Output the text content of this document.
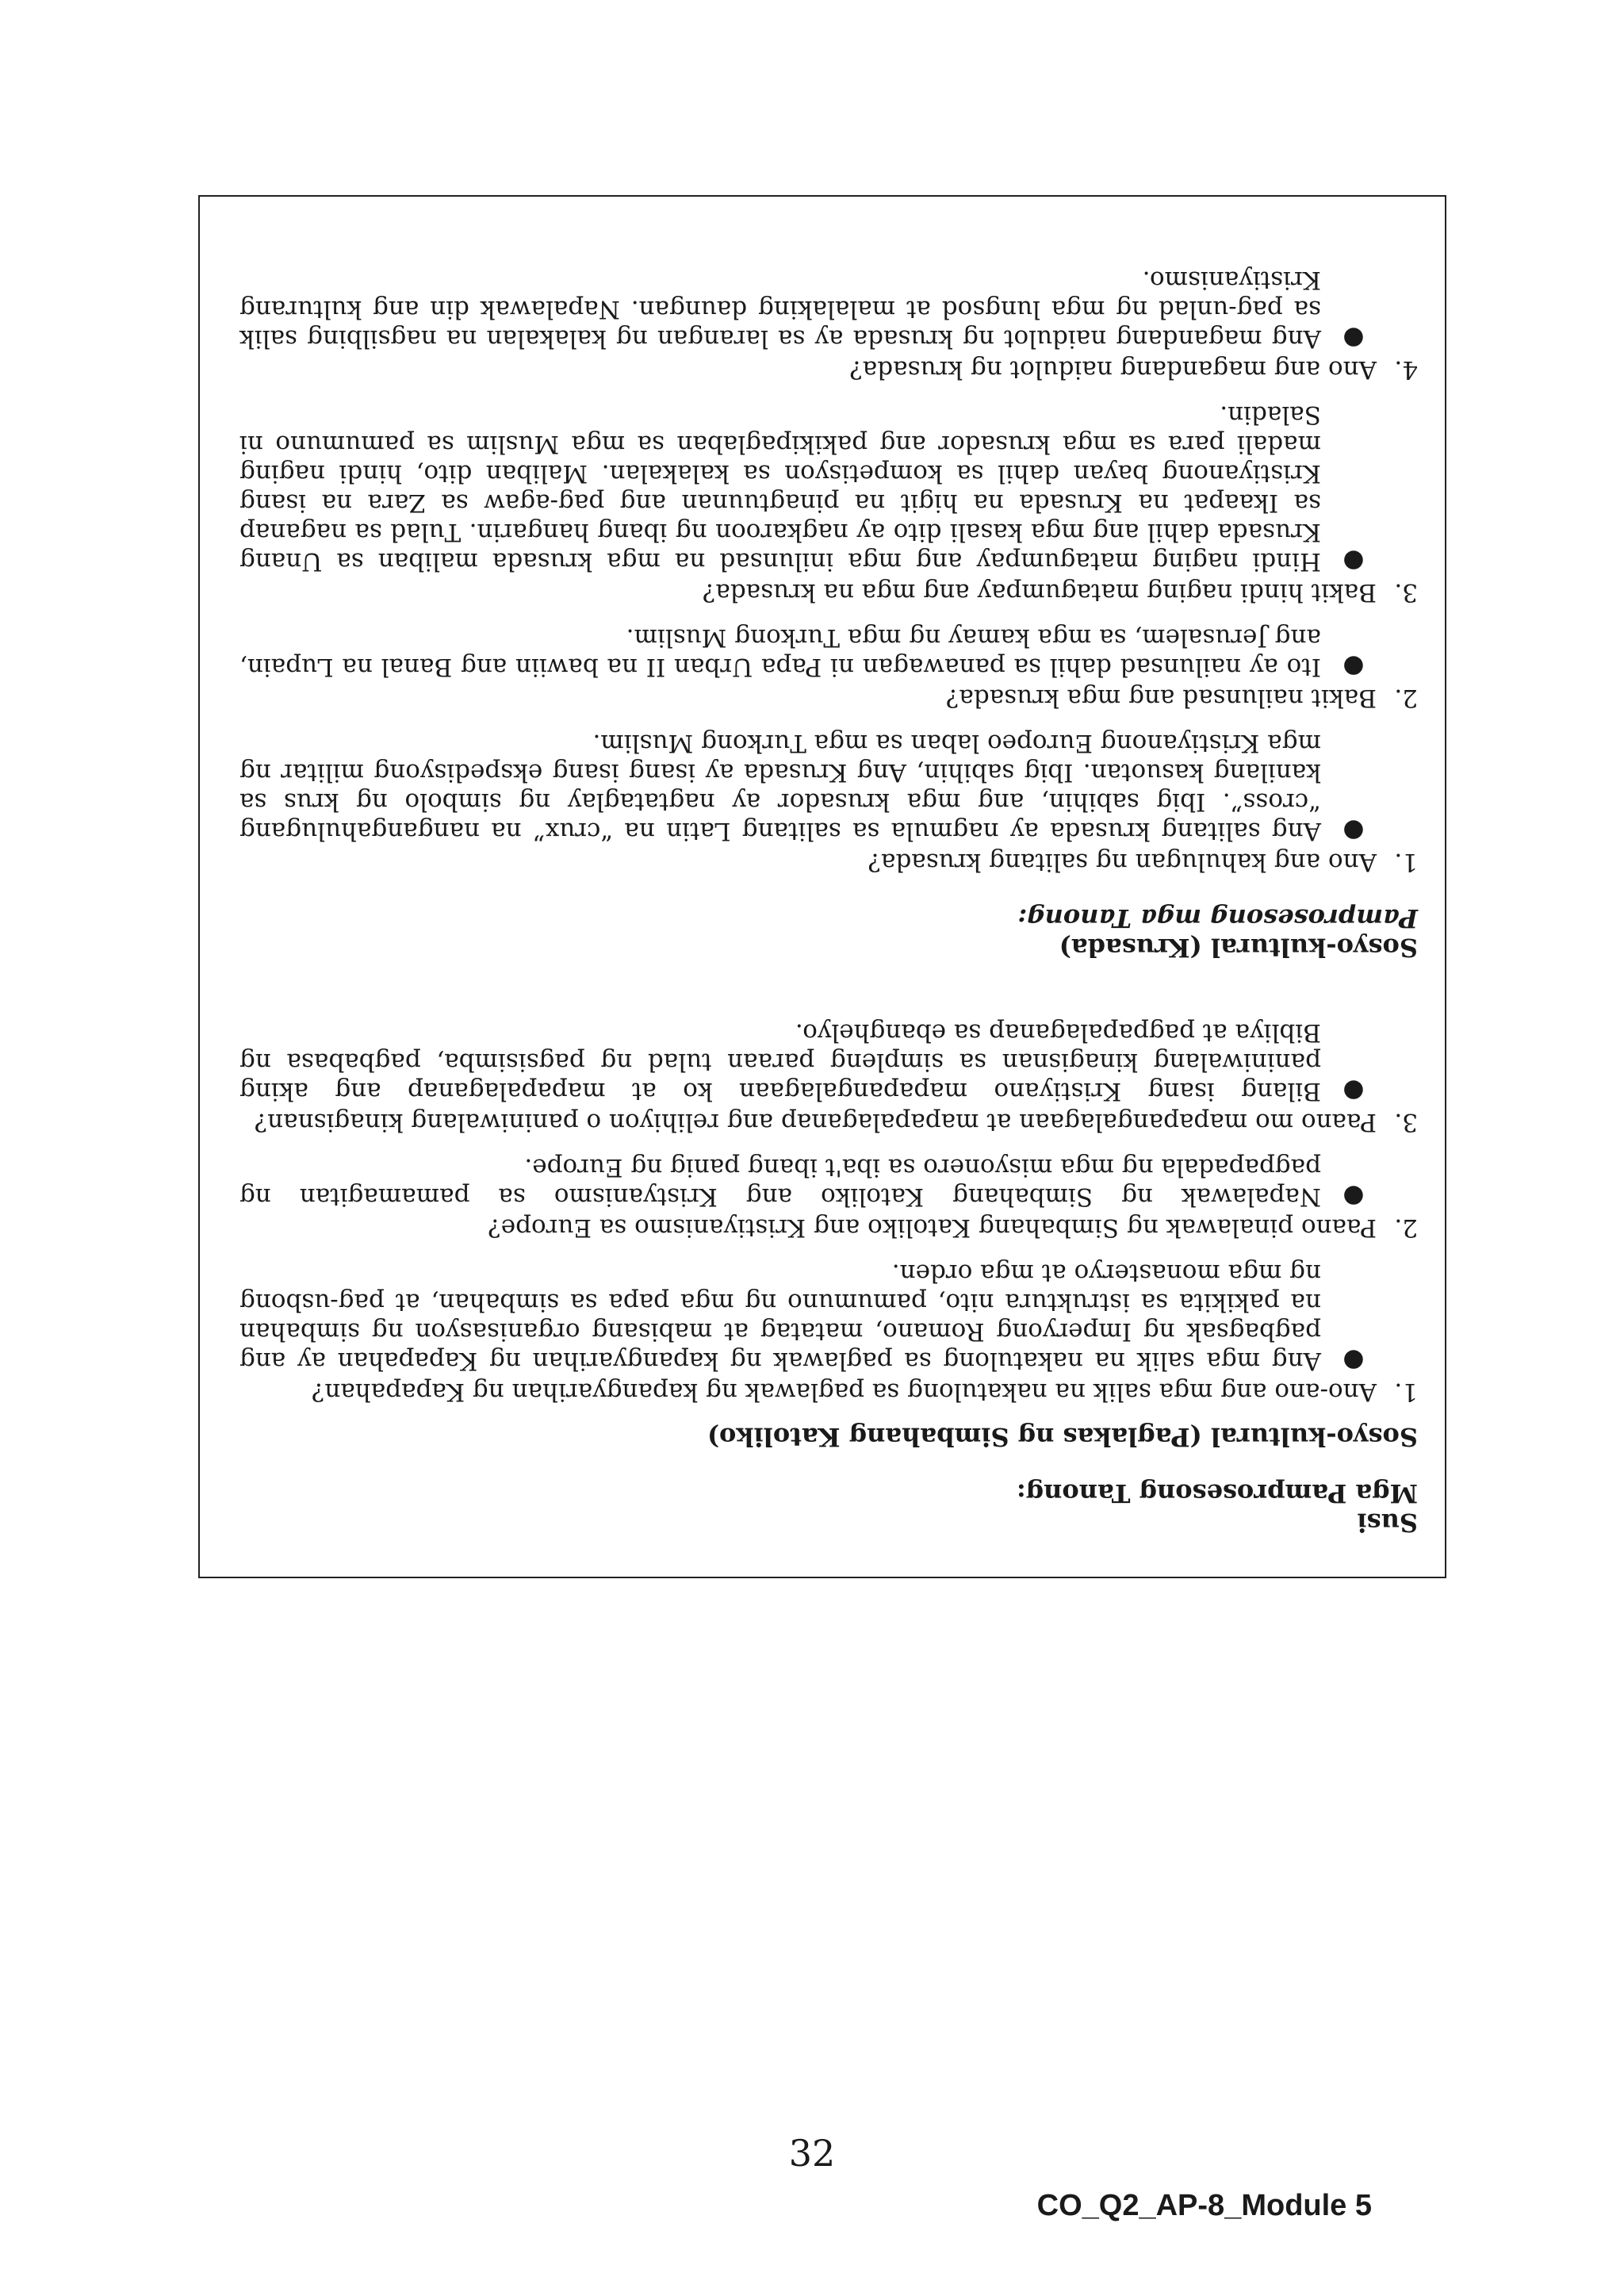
Susi
Mga Pamprosesong Tanong:
Sosyo-kultural (Paglakas ng Simbahang Katoliko)
1.
Ano-ano ang mga salik na nakatulong sa paglawak ng kapangyarihan ng Kapapahan?
●
Ang mga salik na nakatulong sa paglawak ng kapangyarihan ng Kapapahan ay ang pagbagsak ng Imperyong Romano, matatag at mabisang organisasyon ng simbahan na pakikita sa istruktura nito, pamumuno ng mga papa sa simbahan, at pag-usbong ng mga monasteryo at mga orden.
2.
Paano pinalawak ng Simbahang Katoliko ang Kristiyanismo sa Europe?
●
Napalawak ng Simbahang Katoliko ang Kristyanismo sa pamamagitan ng pagpapadala ng mga misyonero sa iba't ibang panig ng Europe.
3.
Paano mo mapapangalagaan at mapapalaganap ang relihiyon o paniniwalang kinagisnan?
●
Bilang isang Kristiyano mapapangalagaan ko at mapapalaganap ang aking paniniwalang kinagisnan sa simpleng paraan tulad ng pagsisimba, pagbabasa ng Bibliya at pagpapalaganap sa ebanghelyo.
Sosyo-kultural (Krusada)
Pamprosesong mga Tanong:
1.
Ano ang kahulugan ng salitang krusada?
●
Ang salitang krusada ay nagmula sa salitang Latin na “crux” na nangangahulugang “cross”. Ibig sabihin, ang mga krusador ay nagtataglay ng simbolo ng krus sa kanilang kasuotan. Ibig sabihin, Ang Krusada ay isang isang ekspedisyong militar ng mga Kristiyanong Europeo laban sa mga Turkong Muslim.
2.
Bakit nailunsad ang mga krusada?
●
Ito ay nailunsad dahil sa panawagan ni Papa Urban II na bawiin ang Banal na Lupain, ang Jerusalem, sa mga kamay ng mga Turkong Muslim.
3.
Bakit hindi naging matagumpay ang mga na krusada?
●
Hindi naging matagumpay ang mga inilunsad na mga krusada maliban sa Unang Krusada dahil ang mga kasali dito ay nagkaroon ng ibang hangarin. Tulad sa naganap sa Ikaapat na Krusada na higit na pinagtuunan ang pag-agaw sa Zara na isang Kristiyanong bayan dahil sa kompetisyon sa kalakalan. Maliban dito, hindi naging madali para sa mga krusador ang pakikipaglaban sa mga Muslim sa pamumuno ni Saladin.
4.
Ano ang magandang naidulot ng krusada?
●
Ang magandang naidulot ng krusada ay sa larangan ng kalakalan na nagsilbing salik sa pag-unlad ng mga lungsod at malalaking daungan. Napalawak din ang kulturang Kristiyanismo.
32
CO_Q2_AP-8_Module 5
